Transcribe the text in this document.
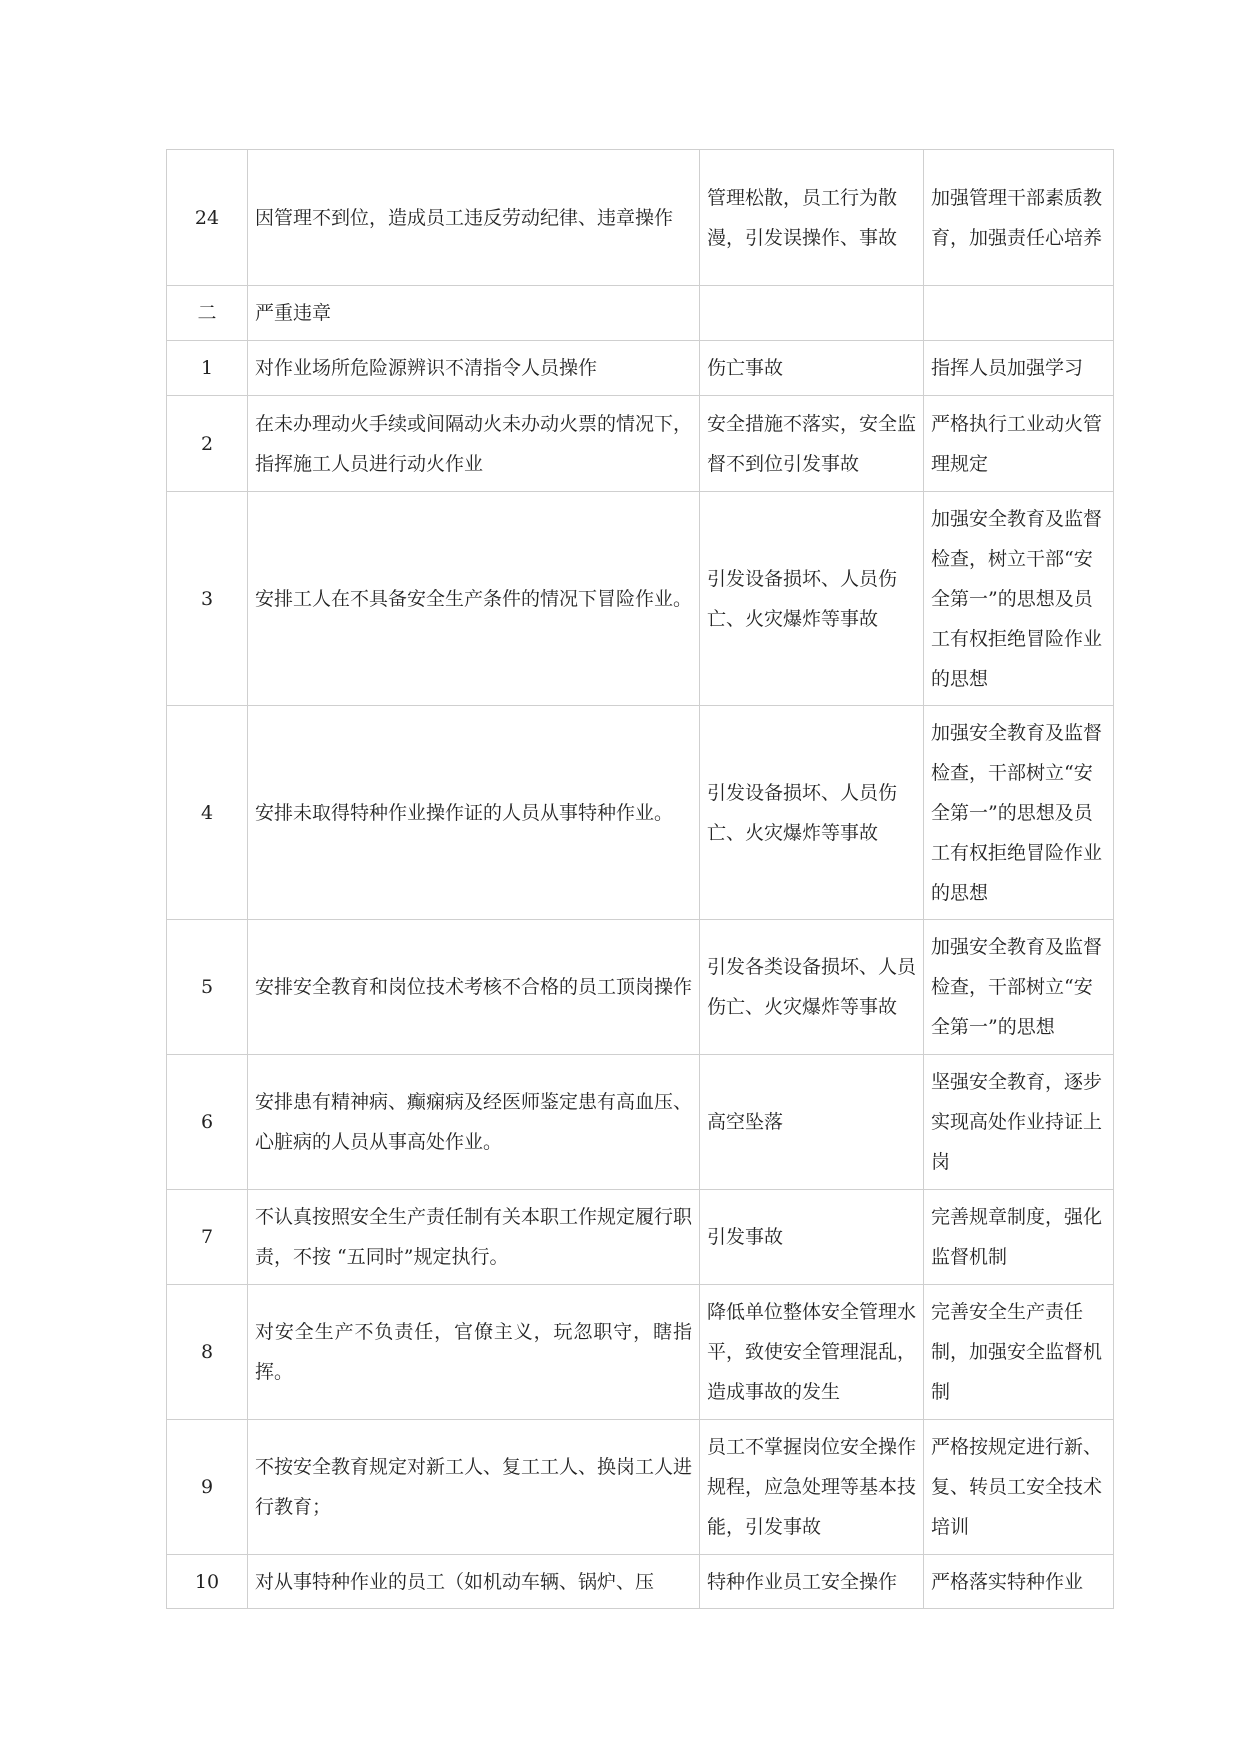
24	因管理不到位，造成员工违反劳动纪律、违章操作	管理松散，员工行为散漫，引发误操作、事故	加强管理干部素质教育，加强责任心培养
二	严重违章		
1	对作业场所危险源辨识不清指令人员操作	伤亡事故	指挥人员加强学习
2	在未办理动火手续或间隔动火未办动火票的情况下，指挥施工人员进行动火作业	安全措施不落实，安全监督不到位引发事故	严格执行工业动火管理规定
3	安排工人在不具备安全生产条件的情况下冒险作业。	引发设备损坏、人员伤亡、火灾爆炸等事故	加强安全教育及监督检查，树立干部“安全第一”的思想及员工有权拒绝冒险作业的思想
4	安排未取得特种作业操作证的人员从事特种作业。	引发设备损坏、人员伤亡、火灾爆炸等事故	加强安全教育及监督检查，干部树立“安全第一”的思想及员工有权拒绝冒险作业的思想
5	安排安全教育和岗位技术考核不合格的员工顶岗操作	引发各类设备损坏、人员伤亡、火灾爆炸等事故	加强安全教育及监督检查，干部树立“安全第一”的思想
6	安排患有精神病、癫痫病及经医师鉴定患有高血压、心脏病的人员从事高处作业。	高空坠落	坚强安全教育，逐步实现高处作业持证上岗
7	不认真按照安全生产责任制有关本职工作规定履行职责，不按 “五同时”规定执行。	引发事故	完善规章制度，强化监督机制
8	对安全生产不负责任，官僚主义，玩忽职守，瞎指挥。	降低单位整体安全管理水平，致使安全管理混乱，造成事故的发生	完善安全生产责任制，加强安全监督机制
9	不按安全教育规定对新工人、复工工人、换岗工人进行教育；	员工不掌握岗位安全操作规程，应急处理等基本技能，引发事故	严格按规定进行新、复、转员工安全技术培训
10	对从事特种作业的员工（如机动车辆、锅炉、压	特种作业员工安全操作	严格落实特种作业
